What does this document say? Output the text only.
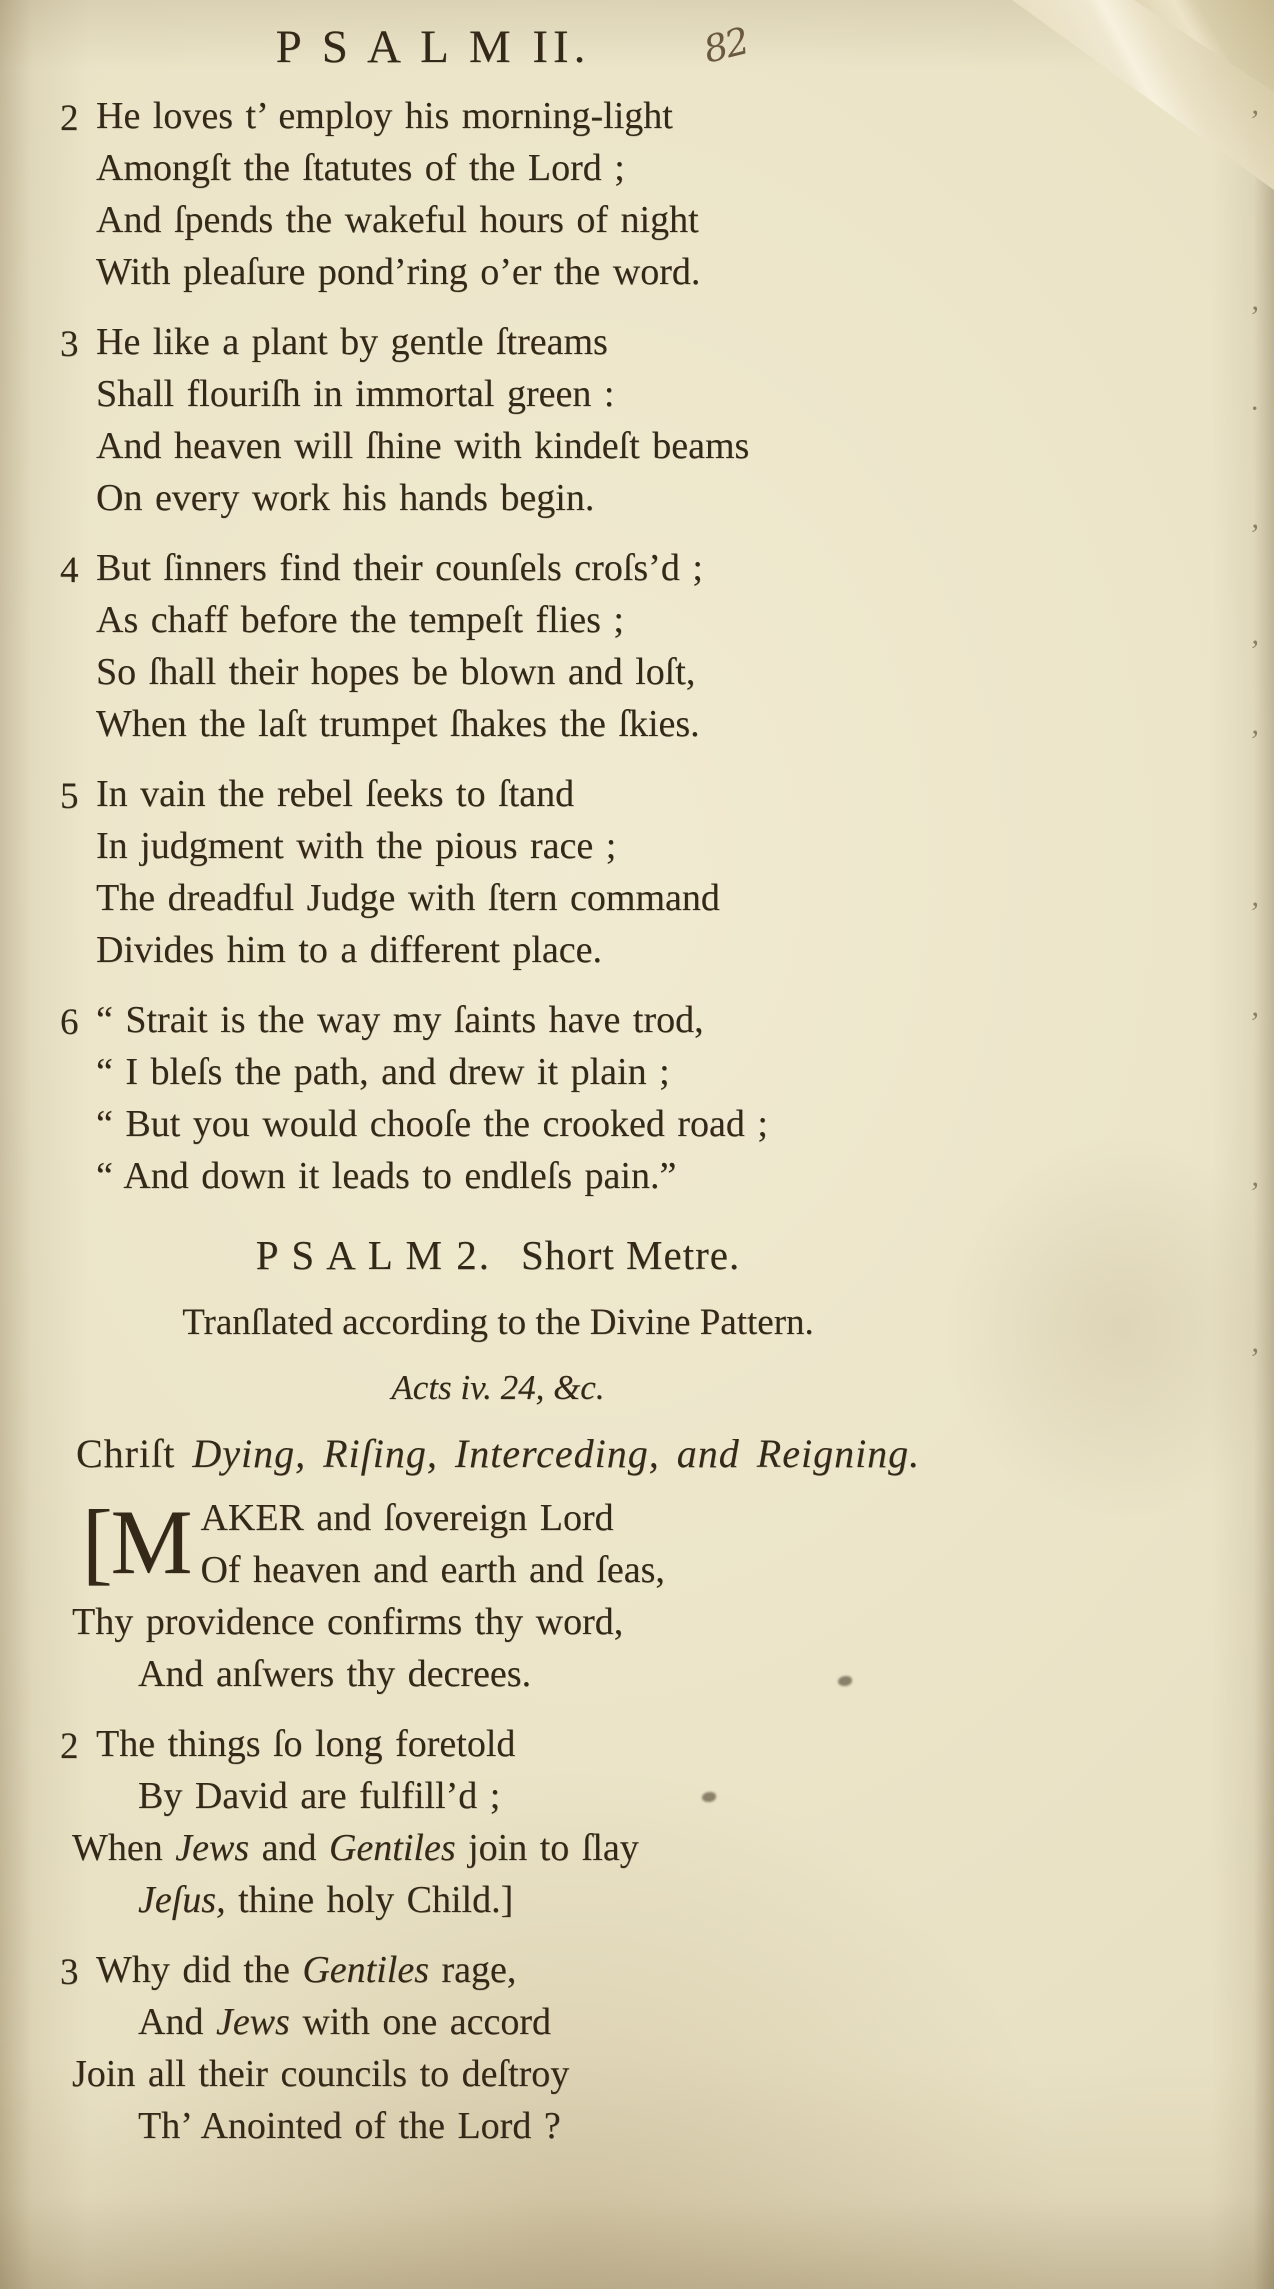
82
P S A L M II.
2 He loves t’ employ his morning-light
Amongſt the ſtatutes of the Lord ;
And ſpends the wakeful hours of night
With pleaſure pond’ring o’er the word.
3 He like a plant by gentle ſtreams
Shall flouriſh in immortal green :
And heaven will ſhine with kindeſt beams
On every work his hands begin.
4 But ſinners find their counſels croſs’d ;
As chaff before the tempeſt flies ;
So ſhall their hopes be blown and loſt,
When the laſt trumpet ſhakes the ſkies.
5 In vain the rebel ſeeks to ſtand
In judgment with the pious race ;
The dreadful Judge with ſtern command
Divides him to a different place.
6 “ Strait is the way my ſaints have trod,
“ I bleſs the path, and drew it plain ;
“ But you would chooſe the crooked road ;
“ And down it leads to endleſs pain.”
P S A L M 2. Short Metre.
Tranſlated according to the Divine Pattern.
Acts iv. 24, &c.
Chriſt Dying, Riſing, Interceding, and Reigning.
[M AKER and ſovereign Lord
Of heaven and earth and ſeas,
Thy providence confirms thy word,
And anſwers thy decrees.
2 The things ſo long foretold
By David are fulfill’d ;
When Jews and Gentiles join to ſlay
Jeſus, thine holy Child.]
3 Why did the Gentiles rage,
And Jews with one accord
Join all their councils to deſtroy
Th’ Anointed of the Lord ?
’
’
·
’
’
’
’
’
’
’
